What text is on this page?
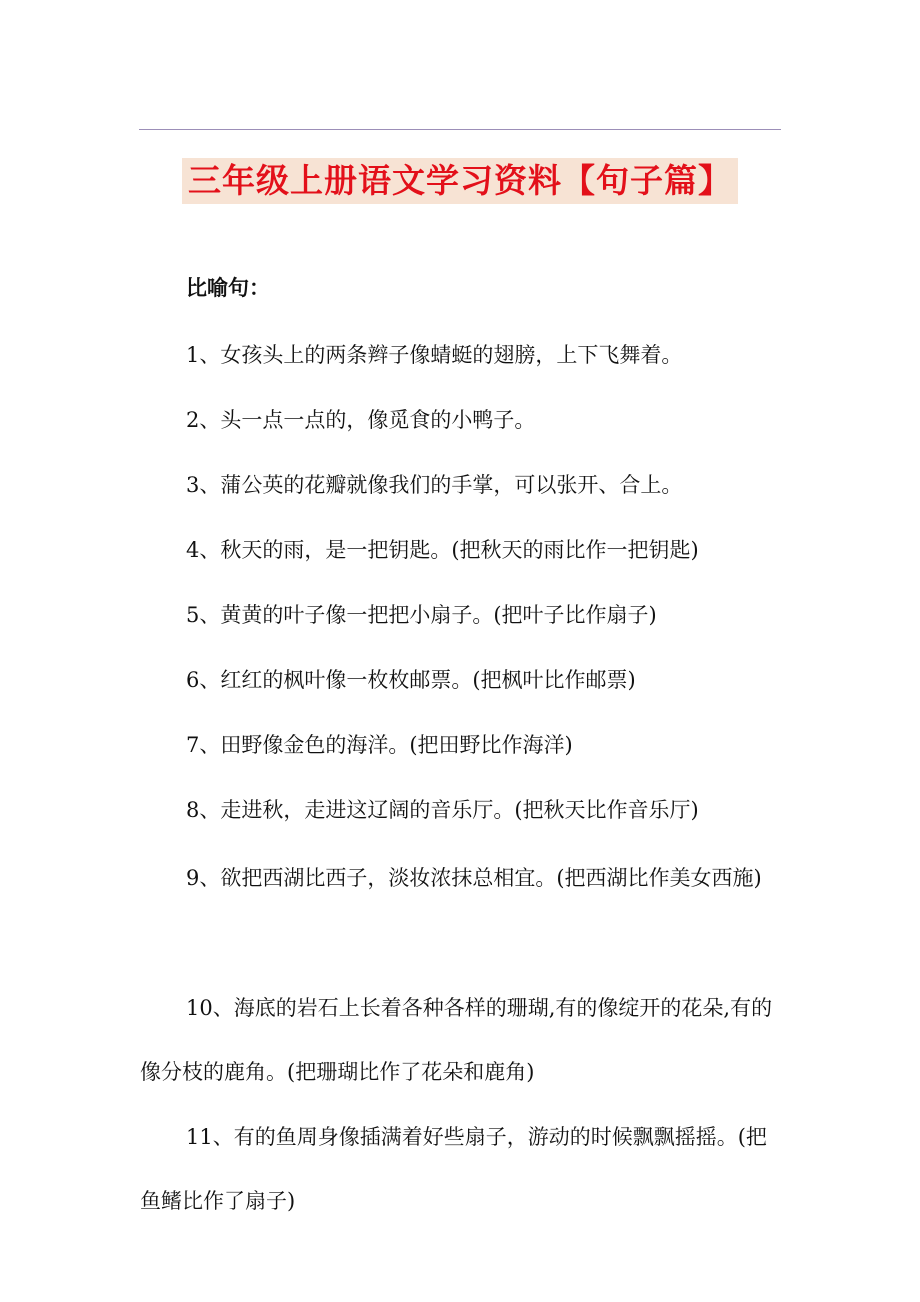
三年级上册语文学习资料【句子篇】
比喻句：
1、女孩头上的两条辫子像蜻蜓的翅膀，上下飞舞着。
2、头一点一点的，像觅食的小鸭子。
3、蒲公英的花瓣就像我们的手掌，可以张开、合上。
4、秋天的雨，是一把钥匙。(把秋天的雨比作一把钥匙)
5、黄黄的叶子像一把把小扇子。(把叶子比作扇子)
6、红红的枫叶像一枚枚邮票。(把枫叶比作邮票)
7、田野像金色的海洋。(把田野比作海洋)
8、走进秋，走进这辽阔的音乐厅。(把秋天比作音乐厅)
9、欲把西湖比西子，淡妆浓抹总相宜。(把西湖比作美女西施)
10、海底的岩石上长着各种各样的珊瑚,有的像绽开的花朵,有的像分枝的鹿角。(把珊瑚比作了花朵和鹿角)
11、有的鱼周身像插满着好些扇子，游动的时候飘飘摇摇。(把鱼鳍比作了扇子)
